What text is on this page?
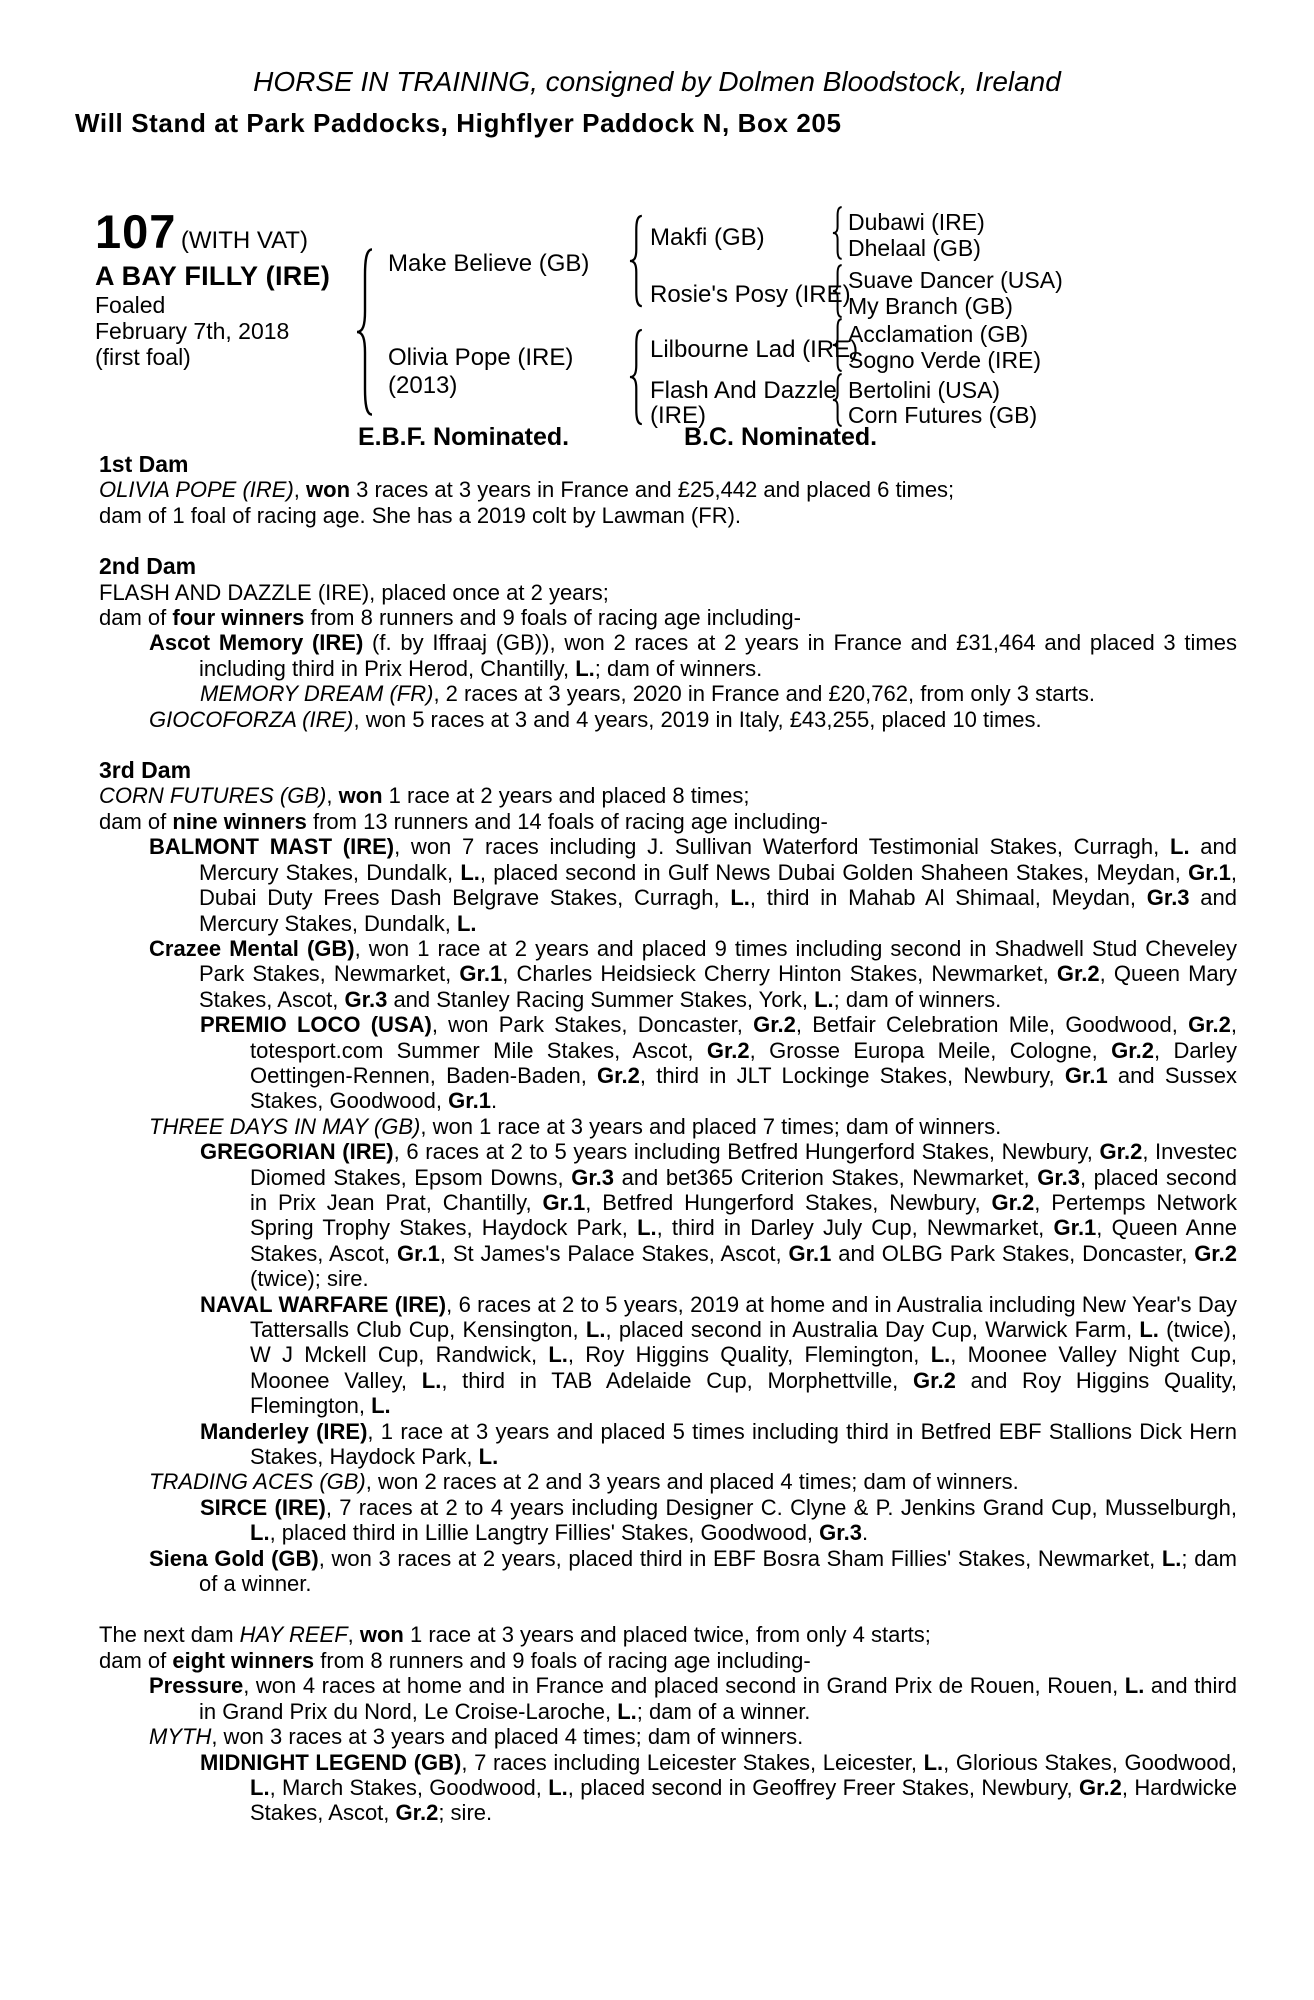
HORSE IN TRAINING, consigned by Dolmen Bloodstock, Ireland
Will Stand at Park Paddocks, Highflyer Paddock N, Box 205
107 (WITH VAT)
A BAY FILLY (IRE)
Foaled
February 7th, 2018
(first foal)
Make Believe (GB)
Olivia Pope (IRE)
(2013)
Makfi (GB)
Rosie's Posy (IRE)
Lilbourne Lad (IRE)
Flash And Dazzle (IRE)
Dubawi (IRE)
Dhelaal (GB)
Suave Dancer (USA)
My Branch (GB)
Acclamation (GB)
Sogno Verde (IRE)
Bertolini (USA)
Corn Futures (GB)
E.B.F. Nominated.	B.C. Nominated.
1st Dam
OLIVIA POPE (IRE), won 3 races at 3 years in France and £25,442 and placed 6 times;
dam of 1 foal of racing age. She has a 2019 colt by Lawman (FR).
2nd Dam
FLASH AND DAZZLE (IRE), placed once at 2 years;
dam of four winners from 8 runners and 9 foals of racing age including-
Ascot Memory (IRE) (f. by Iffraaj (GB)), won 2 races at 2 years in France and £31,464 and placed 3 times including third in Prix Herod, Chantilly, L.; dam of winners.
MEMORY DREAM (FR), 2 races at 3 years, 2020 in France and £20,762, from only 3 starts.
GIOCOFORZA (IRE), won 5 races at 3 and 4 years, 2019 in Italy, £43,255, placed 10 times.
3rd Dam
CORN FUTURES (GB), won 1 race at 2 years and placed 8 times;
dam of nine winners from 13 runners and 14 foals of racing age including-
BALMONT MAST (IRE), won 7 races including J. Sullivan Waterford Testimonial Stakes, Curragh, L. and Mercury Stakes, Dundalk, L., placed second in Gulf News Dubai Golden Shaheen Stakes, Meydan, Gr.1, Dubai Duty Frees Dash Belgrave Stakes, Curragh, L., third in Mahab Al Shimaal, Meydan, Gr.3 and Mercury Stakes, Dundalk, L.
Crazee Mental (GB), won 1 race at 2 years and placed 9 times including second in Shadwell Stud Cheveley Park Stakes, Newmarket, Gr.1, Charles Heidsieck Cherry Hinton Stakes, Newmarket, Gr.2, Queen Mary Stakes, Ascot, Gr.3 and Stanley Racing Summer Stakes, York, L.; dam of winners.
PREMIO LOCO (USA), won Park Stakes, Doncaster, Gr.2, Betfair Celebration Mile, Goodwood, Gr.2, totesport.com Summer Mile Stakes, Ascot, Gr.2, Grosse Europa Meile, Cologne, Gr.2, Darley Oettingen-Rennen, Baden-Baden, Gr.2, third in JLT Lockinge Stakes, Newbury, Gr.1 and Sussex Stakes, Goodwood, Gr.1.
THREE DAYS IN MAY (GB), won 1 race at 3 years and placed 7 times; dam of winners.
GREGORIAN (IRE), 6 races at 2 to 5 years including Betfred Hungerford Stakes, Newbury, Gr.2, Investec Diomed Stakes, Epsom Downs, Gr.3 and bet365 Criterion Stakes, Newmarket, Gr.3, placed second in Prix Jean Prat, Chantilly, Gr.1, Betfred Hungerford Stakes, Newbury, Gr.2, Pertemps Network Spring Trophy Stakes, Haydock Park, L., third in Darley July Cup, Newmarket, Gr.1, Queen Anne Stakes, Ascot, Gr.1, St James's Palace Stakes, Ascot, Gr.1 and OLBG Park Stakes, Doncaster, Gr.2 (twice); sire.
NAVAL WARFARE (IRE), 6 races at 2 to 5 years, 2019 at home and in Australia including New Year's Day Tattersalls Club Cup, Kensington, L., placed second in Australia Day Cup, Warwick Farm, L. (twice), W J Mckell Cup, Randwick, L., Roy Higgins Quality, Flemington, L., Moonee Valley Night Cup, Moonee Valley, L., third in TAB Adelaide Cup, Morphettville, Gr.2 and Roy Higgins Quality, Flemington, L.
Manderley (IRE), 1 race at 3 years and placed 5 times including third in Betfred EBF Stallions Dick Hern Stakes, Haydock Park, L.
TRADING ACES (GB), won 2 races at 2 and 3 years and placed 4 times; dam of winners.
SIRCE (IRE), 7 races at 2 to 4 years including Designer C. Clyne & P. Jenkins Grand Cup, Musselburgh, L., placed third in Lillie Langtry Fillies' Stakes, Goodwood, Gr.3.
Siena Gold (GB), won 3 races at 2 years, placed third in EBF Bosra Sham Fillies' Stakes, Newmarket, L.; dam of a winner.
The next dam HAY REEF, won 1 race at 3 years and placed twice, from only 4 starts;
dam of eight winners from 8 runners and 9 foals of racing age including-
Pressure, won 4 races at home and in France and placed second in Grand Prix de Rouen, Rouen, L. and third in Grand Prix du Nord, Le Croise-Laroche, L.; dam of a winner.
MYTH, won 3 races at 3 years and placed 4 times; dam of winners.
MIDNIGHT LEGEND (GB), 7 races including Leicester Stakes, Leicester, L., Glorious Stakes, Goodwood, L., March Stakes, Goodwood, L., placed second in Geoffrey Freer Stakes, Newbury, Gr.2, Hardwicke Stakes, Ascot, Gr.2; sire.
